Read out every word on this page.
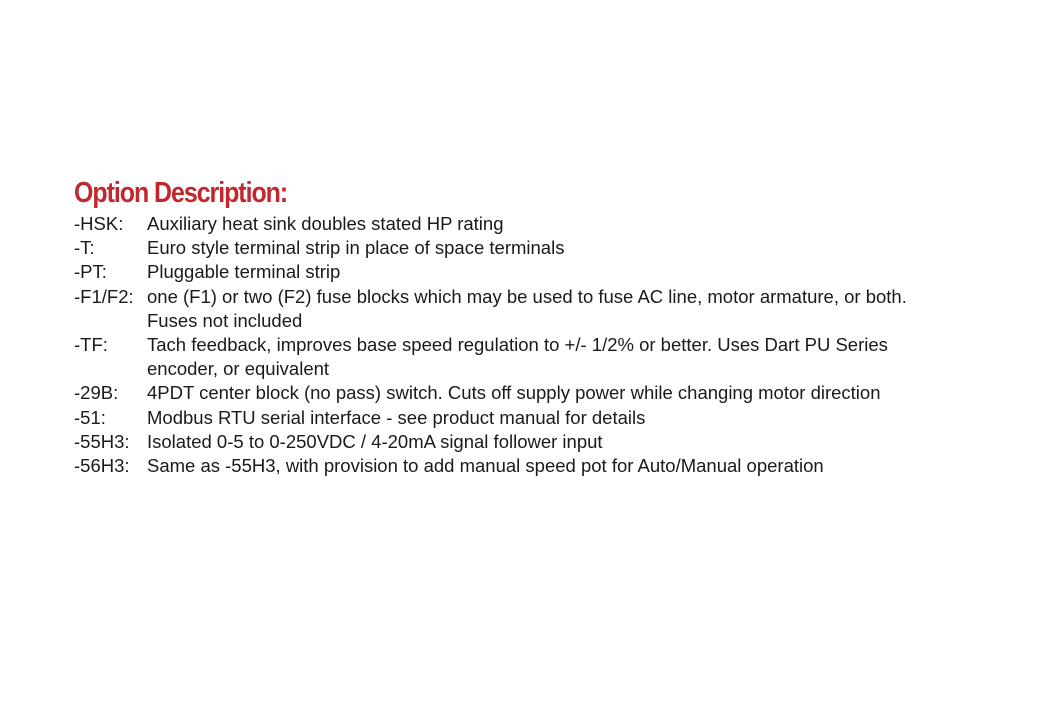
Option Description:
-HSK: Auxiliary heat sink doubles stated HP rating
-T:	Euro style terminal strip in place of space terminals
-PT: Pluggable terminal strip
-F1/F2: one (F1) or two (F2) fuse blocks which may be used to fuse AC line, motor armature, or both.
Fuses not included
-TF: Tach feedback, improves base speed regulation to +/- 1/2% or better. Uses Dart PU Series
encoder, or equivalent
-29B: 4PDT center block (no pass) switch. Cuts off supply power while changing motor direction
-51: Modbus RTU serial interface - see product manual for details
-55H3: Isolated 0-5 to 0-250VDC / 4-20mA signal follower input
-56H3: Same as -55H3, with provision to add manual speed pot for Auto/Manual operation
